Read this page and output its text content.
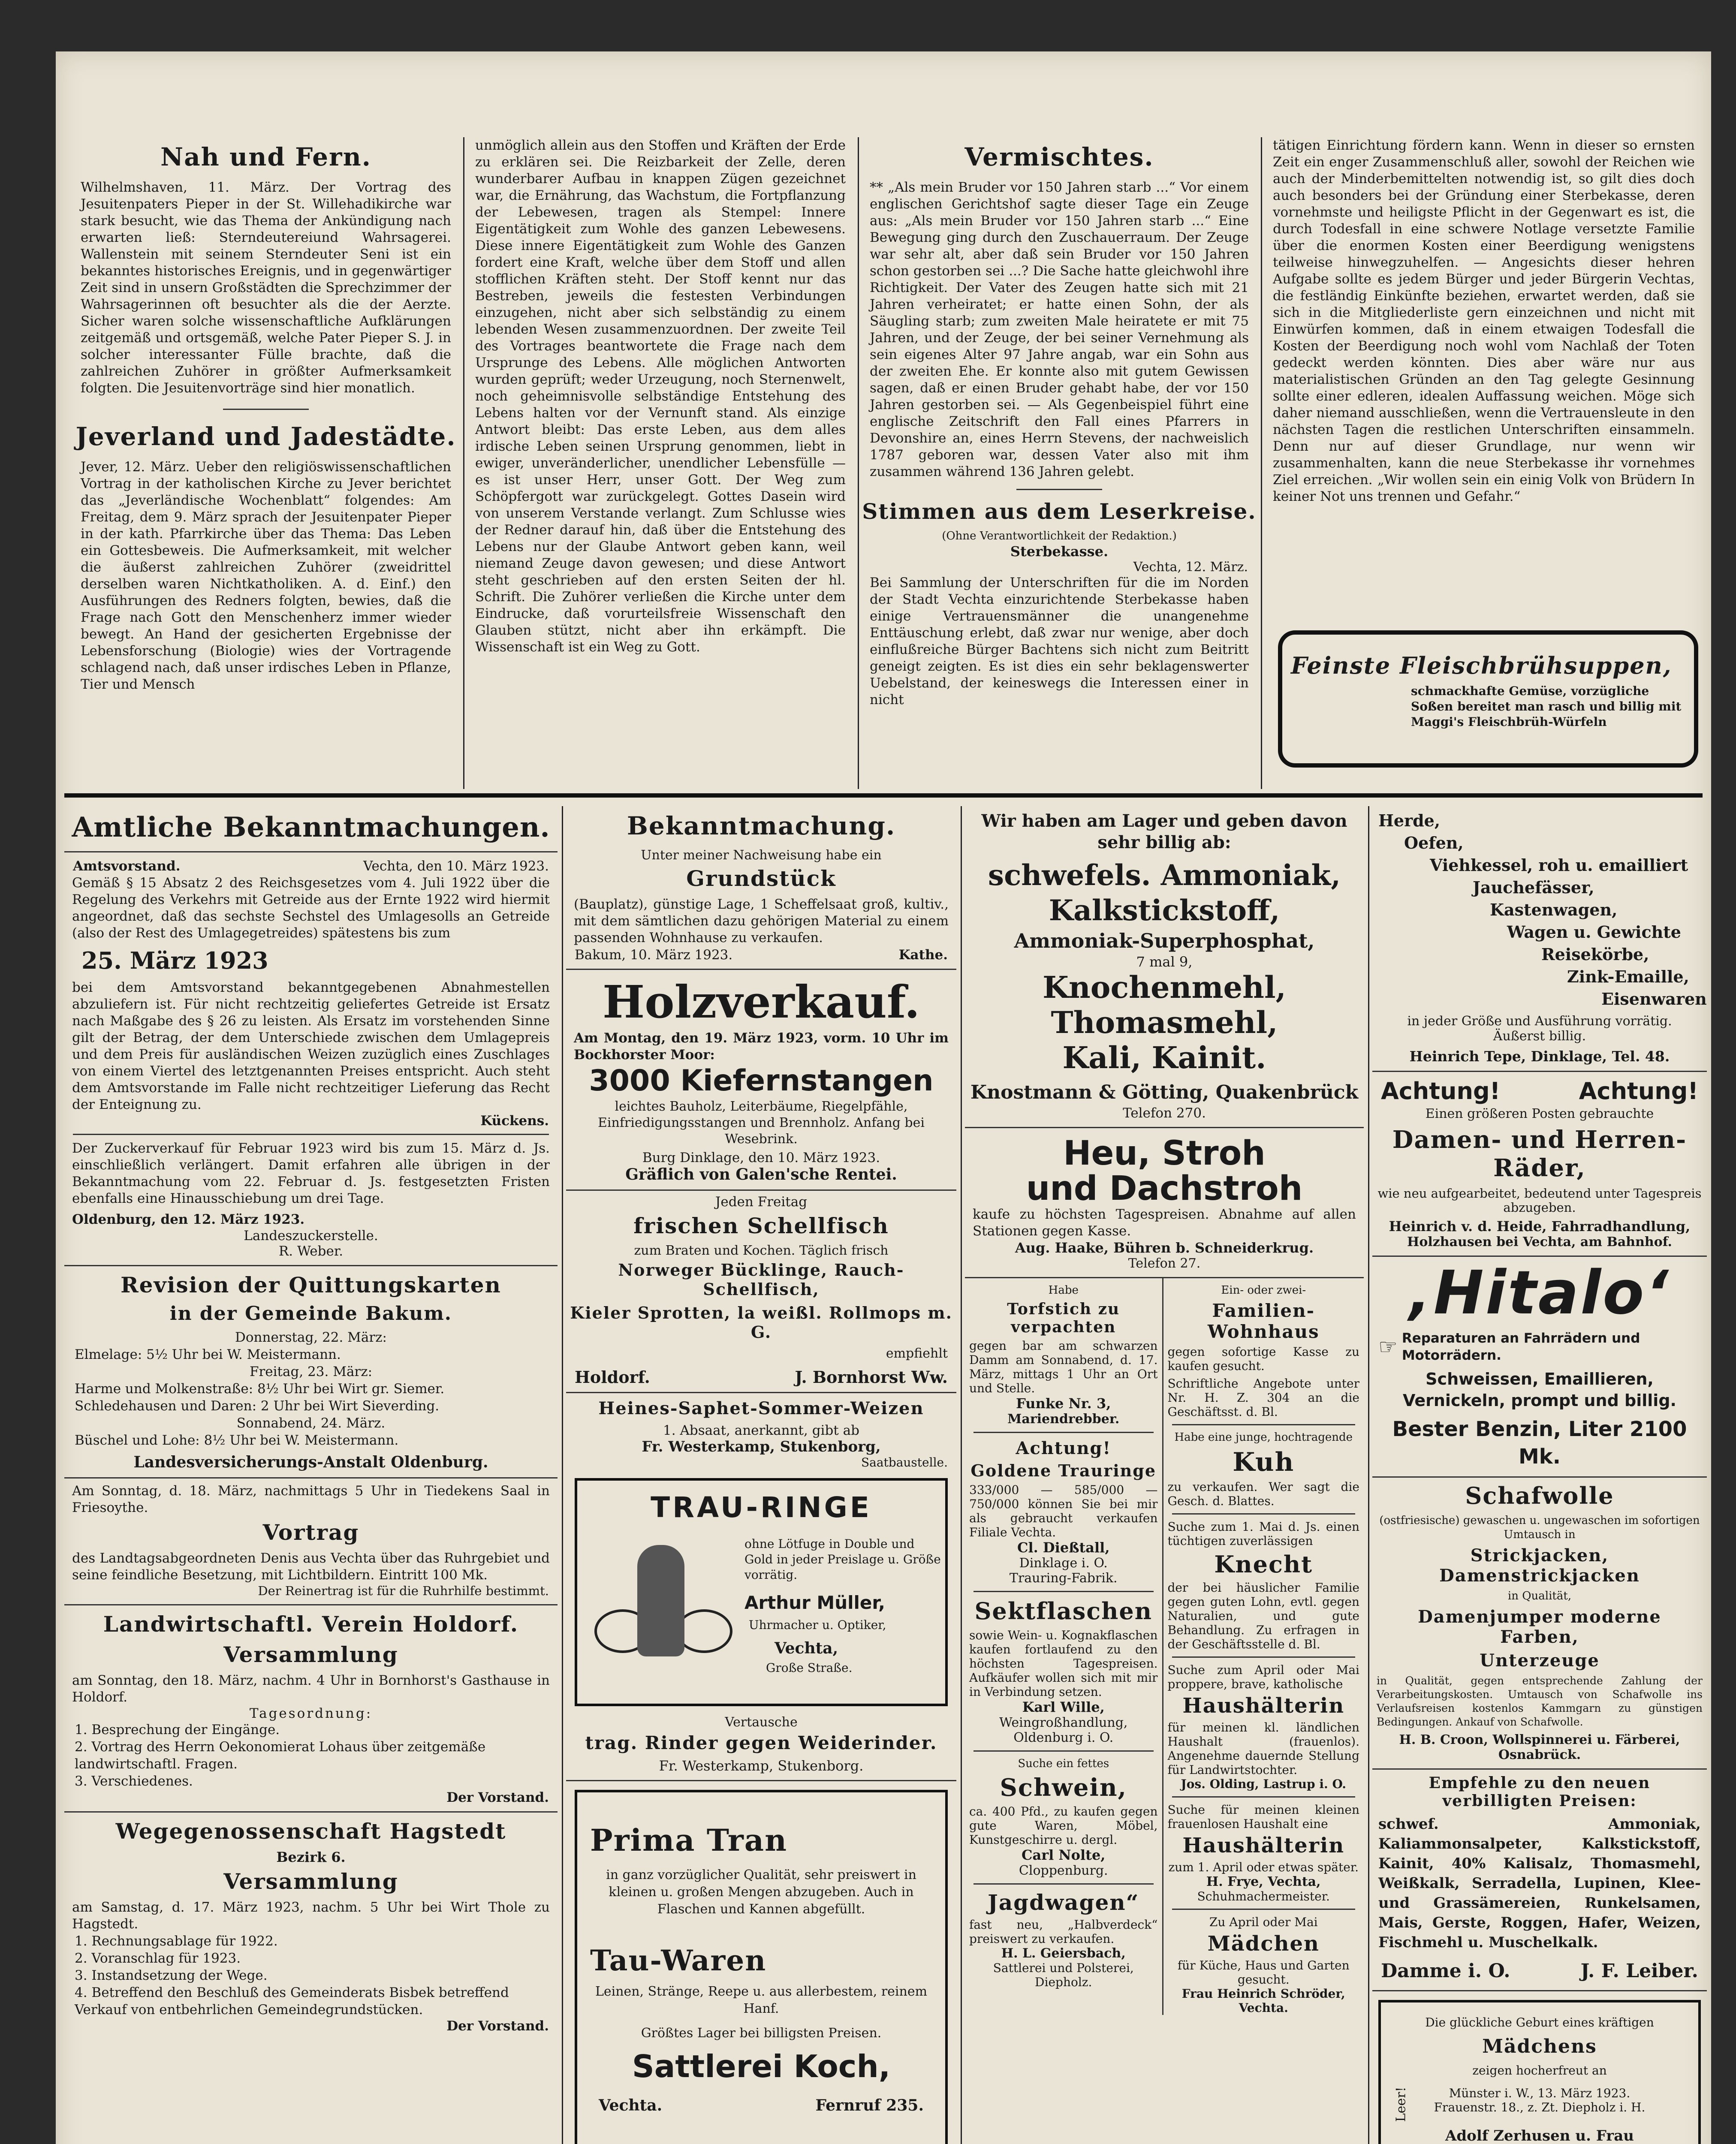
Nah und Fern.
Wilhelmshaven, 11. März. Der Vortrag des Jesuitenpaters Pieper in der St. Willehadikirche war stark besucht, wie das Thema der Ankündigung nach erwarten ließ: Sterndeutereiund Wahrsagerei. Wallenstein mit seinem Sterndeuter Seni ist ein bekanntes historisches Ereignis, und in gegenwärtiger Zeit sind in unsern Großstädten die Sprechzimmer der Wahrsagerinnen oft besuchter als die der Aerzte. Sicher waren solche wissenschaftliche Aufklärungen zeitgemäß und ortsgemäß, welche Pater Pieper S. J. in solcher interessanter Fülle brachte, daß die zahlreichen Zuhörer in größter Aufmerksamkeit folgten. Die Jesuitenvorträge sind hier monatlich.
Jeverland und Jadestädte.
Jever, 12. März. Ueber den religiöswissenschaftlichen Vortrag in der katholischen Kirche zu Jever berichtet das „Jeverländische Wochenblatt“ folgendes: Am Freitag, dem 9. März sprach der Jesuitenpater Pieper in der kath. Pfarrkirche über das Thema: Das Leben ein Gottesbeweis. Die Aufmerksamkeit, mit welcher die äußerst zahlreichen Zuhörer (zweidrittel derselben waren Nichtkatholiken. A. d. Einf.) den Ausführungen des Redners folgten, bewies, daß die Frage nach Gott den Menschenherz immer wieder bewegt. An Hand der gesicherten Ergebnisse der Lebensforschung (Biologie) wies der Vortragende schlagend nach, daß unser irdisches Leben in Pflanze, Tier und Mensch
unmöglich allein aus den Stoffen und Kräften der Erde zu erklären sei. Die Reizbarkeit der Zelle, deren wunderbarer Aufbau in knappen Zügen gezeichnet war, die Ernährung, das Wachstum, die Fortpflanzung der Lebewesen, tragen als Stempel: Innere Eigentätigkeit zum Wohle des ganzen Lebewesens. Diese innere Eigentätigkeit zum Wohle des Ganzen fordert eine Kraft, welche über dem Stoff und allen stofflichen Kräften steht. Der Stoff kennt nur das Bestreben, jeweils die festesten Verbindungen einzugehen, nicht aber sich selbständig zu einem lebenden Wesen zusammenzuordnen. Der zweite Teil des Vortrages beantwortete die Frage nach dem Ursprunge des Lebens. Alle möglichen Antworten wurden geprüft; weder Urzeugung, noch Sternenwelt, noch geheimnisvolle selbständige Entstehung des Lebens halten vor der Vernunft stand. Als einzige Antwort bleibt: Das erste Leben, aus dem alles irdische Leben seinen Ursprung genommen, liebt in ewiger, unveränderlicher, unendlicher Lebensfülle — es ist unser Herr, unser Gott. Der Weg zum Schöpfergott war zurückgelegt. Gottes Dasein wird von unserem Verstande verlangt. Zum Schlusse wies der Redner darauf hin, daß über die Entstehung des Lebens nur der Glaube Antwort geben kann, weil niemand Zeuge davon gewesen; und diese Antwort steht geschrieben auf den ersten Seiten der hl. Schrift. Die Zuhörer verließen die Kirche unter dem Eindrucke, daß vorurteilsfreie Wissenschaft den Glauben stützt, nicht aber ihn erkämpft. Die Wissenschaft ist ein Weg zu Gott.
Vermischtes.
** „Als mein Bruder vor 150 Jahren starb ...“ Vor einem englischen Gerichtshof sagte dieser Tage ein Zeuge aus: „Als mein Bruder vor 150 Jahren starb ...“ Eine Bewegung ging durch den Zuschauerraum. Der Zeuge war sehr alt, aber daß sein Bruder vor 150 Jahren schon gestorben sei ...? Die Sache hatte gleichwohl ihre Richtigkeit. Der Vater des Zeugen hatte sich mit 21 Jahren verheiratet; er hatte einen Sohn, der als Säugling starb; zum zweiten Male heiratete er mit 75 Jahren, und der Zeuge, der bei seiner Vernehmung als sein eigenes Alter 97 Jahre angab, war ein Sohn aus der zweiten Ehe. Er konnte also mit gutem Gewissen sagen, daß er einen Bruder gehabt habe, der vor 150 Jahren gestorben sei. — Als Gegenbeispiel führt eine englische Zeitschrift den Fall eines Pfarrers in Devonshire an, eines Herrn Stevens, der nachweislich 1787 geboren war, dessen Vater also mit ihm zusammen während 136 Jahren gelebt.
Stimmen aus dem Leserkreise.
(Ohne Verantwortlichkeit der Redaktion.)
Sterbekasse.
Vechta, 12. März.
Bei Sammlung der Unterschriften für die im Norden der Stadt Vechta einzurichtende Sterbekasse haben einige Vertrauensmänner die unangenehme Enttäuschung erlebt, daß zwar nur wenige, aber doch einflußreiche Bürger Bachtens sich nicht zum Beitritt geneigt zeigten. Es ist dies ein sehr beklagenswerter Uebelstand, der keineswegs die Interessen einer in nicht
tätigen Einrichtung fördern kann. Wenn in dieser so ernsten Zeit ein enger Zusammenschluß aller, sowohl der Reichen wie auch der Minderbemittelten notwendig ist, so gilt dies doch auch besonders bei der Gründung einer Sterbekasse, deren vornehmste und heiligste Pflicht in der Gegenwart es ist, die durch Todesfall in eine schwere Notlage versetzte Familie über die enormen Kosten einer Beerdigung wenigstens teilweise hinwegzuhelfen. — Angesichts dieser hehren Aufgabe sollte es jedem Bürger und jeder Bürgerin Vechtas, die festländig Einkünfte beziehen, erwartet werden, daß sie sich in die Mitgliederliste gern einzeichnen und nicht mit Einwürfen kommen, daß in einem etwaigen Todesfall die Kosten der Beerdigung noch wohl vom Nachlaß der Toten gedeckt werden könnten. Dies aber wäre nur aus materialistischen Gründen an den Tag gelegte Gesinnung sollte einer edleren, idealen Auffassung weichen. Möge sich daher niemand ausschließen, wenn die Vertrauensleute in den nächsten Tagen die restlichen Unterschriften einsammeln. Denn nur auf dieser Grundlage, nur wenn wir zusammenhalten, kann die neue Sterbekasse ihr vornehmes Ziel erreichen. „Wir wollen sein ein einig Volk von Brüdern In keiner Not uns trennen und Gefahr.“
Feinste Fleischbrühsuppen,
schmackhafte Gemüse, vorzügliche Soßen bereitet man rasch und billig mit Maggi's Fleischbrüh-Würfeln
Amtliche Bekanntmachungen.
Amtsvorstand.	Vechta, den 10. März 1923.
Gemäß § 15 Absatz 2 des Reichsgesetzes vom 4. Juli 1922 über die Regelung des Verkehrs mit Getreide aus der Ernte 1922 wird hiermit angeordnet, daß das sechste Sechstel des Umlagesolls an Getreide (also der Rest des Umlagegetreides) spätestens bis zum
25. März 1923
bei dem Amtsvorstand bekanntgegebenen Abnahmestellen abzuliefern ist. Für nicht rechtzeitig geliefertes Getreide ist Ersatz nach Maßgabe des § 26 zu leisten. Als Ersatz im vorstehenden Sinne gilt der Betrag, der dem Unterschiede zwischen dem Umlagepreis und dem Preis für ausländischen Weizen zuzüglich eines Zuschlages von einem Viertel des letztgenannten Preises entspricht. Auch steht dem Amtsvorstande im Falle nicht rechtzeitiger Lieferung das Recht der Enteignung zu.
Kückens.
Der Zuckerverkauf für Februar 1923 wird bis zum 15. März d. Js. einschließlich verlängert. Damit erfahren alle übrigen in der Bekanntmachung vom 22. Februar d. Js. festgesetzten Fristen ebenfalls eine Hinausschiebung um drei Tage.
Oldenburg, den 12. März 1923.
Landeszuckerstelle.
R. Weber.
Revision der Quittungskarten
in der Gemeinde Bakum.
Donnerstag, 22. März:
Elmelage: 5½ Uhr bei W. Meistermann.
Freitag, 23. März:
Harme und Molkenstraße: 8½ Uhr bei Wirt gr. Siemer.
Schledehausen und Daren: 2 Uhr bei Wirt Sieverding.
Sonnabend, 24. März.
Büschel und Lohe: 8½ Uhr bei W. Meistermann.
Landesversicherungs-Anstalt Oldenburg.
Am Sonntag, d. 18. März, nachmittags 5 Uhr in Tiedekens Saal in Friesoythe.
Vortrag
des Landtagsabgeordneten Denis aus Vechta über das Ruhrgebiet und seine feindliche Besetzung, mit Lichtbildern. Eintritt 100 Mk.
Der Reinertrag ist für die Ruhrhilfe bestimmt.
Landwirtschaftl. Verein Holdorf.
Versammlung
am Sonntag, den 18. März, nachm. 4 Uhr in Bornhorst's Gasthause in Holdorf.
Tagesordnung:
1. Besprechung der Eingänge.
2. Vortrag des Herrn Oekonomierat Lohaus über zeitgemäße landwirtschaftl. Fragen.
3. Verschiedenes.
Der Vorstand.
Wegegenossenschaft Hagstedt
Bezirk 6.
Versammlung
am Samstag, d. 17. März 1923, nachm. 5 Uhr bei Wirt Thole zu Hagstedt.
1. Rechnungsablage für 1922.
2. Voranschlag für 1923.
3. Instandsetzung der Wege.
4. Betreffend den Beschluß des Gemeinderats Bisbek betreffend Verkauf von entbehrlichen Gemeindegrundstücken.
Der Vorstand.
Bekanntmachung.
Unter meiner Nachweisung habe ein
Grundstück
(Bauplatz), günstige Lage, 1 Scheffelsaat groß, kultiv., mit dem sämtlichen dazu gehörigen Material zu einem passenden Wohnhause zu verkaufen.
Bakum, 10. März 1923.	Kathe.
Holzverkauf.
Am Montag, den 19. März 1923, vorm. 10 Uhr im Bockhorster Moor:
3000 Kiefernstangen
leichtes Bauholz, Leiterbäume, Riegelpfähle, Einfriedigungsstangen und Brennholz. Anfang bei Wesebrink.
Burg Dinklage, den 10. März 1923.
Gräflich von Galen'sche Rentei.
Jeden Freitag
frischen Schellfisch
zum Braten und Kochen. Täglich frisch
Norweger Bücklinge, Rauch-Schellfisch,
Kieler Sprotten, la weißl. Rollmops m. G.
empfiehlt
Holdorf.	J. Bornhorst Ww.
Heines-Saphet-Sommer-Weizen
1. Absaat, anerkannt, gibt ab
Fr. Westerkamp, Stukenborg,
Saatbaustelle.
TRAU-RINGE
ohne Lötfuge in Double und Gold in jeder Preislage u. Größe vorrätig.
Arthur Müller,
Uhrmacher u. Optiker,
Vechta,
Große Straße.
Vertausche
trag. Rinder gegen Weiderinder.
Fr. Westerkamp, Stukenborg.
Prima Tran
in ganz vorzüglicher Qualität, sehr preiswert in kleinen u. großen Mengen abzugeben. Auch in Flaschen und Kannen abgefüllt.
Tau-Waren
Leinen, Stränge, Reepe u. aus allerbestem, reinem Hanf.
Größtes Lager bei billigsten Preisen.
Sattlerei Koch,
Vechta.	Fernruf 235.
Wir haben am Lager und geben davon sehr billig ab:
schwefels. Ammoniak,
Kalkstickstoff,
Ammoniak-Superphosphat,
7 mal 9,
Knochenmehl,
Thomasmehl,
Kali, Kainit.
Knostmann & Götting, Quakenbrück
Telefon 270.
Heu, Stroh
und Dachstroh
kaufe zu höchsten Tagespreisen. Abnahme auf allen Stationen gegen Kasse.
Aug. Haake, Bühren b. Schneiderkrug.
Telefon 27.
Habe
Torfstich zu verpachten
gegen bar am schwarzen Damm am Sonnabend, d. 17. März, mittags 1 Uhr an Ort und Stelle.
Funke Nr. 3,
Mariendrebber.
Achtung!
Goldene Trauringe
333/000 — 585/000 — 750/000 können Sie bei mir als gebraucht verkaufen Filiale Vechta.
Cl. Dießtall,
Dinklage i. O.
Trauring-Fabrik.
Sektflaschen
sowie Wein- u. Kognakflaschen kaufen fortlaufend zu den höchsten Tagespreisen. Aufkäufer wollen sich mit mir in Verbindung setzen.
Karl Wille,
Weingroßhandlung,
Oldenburg i. O.
Suche ein fettes
Schwein,
ca. 400 Pfd., zu kaufen gegen gute Waren, Möbel, Kunstgeschirre u. dergl.
Carl Nolte,
Cloppenburg.
Jagdwagen“
fast neu, „Halbverdeck“ preiswert zu verkaufen.
H. L. Geiersbach,
Sattlerei und Polsterei,
Diepholz.
Ein- oder zwei-
Familien-Wohnhaus
gegen sofortige Kasse zu kaufen gesucht.
Schriftliche Angebote unter Nr. H. Z. 304 an die Geschäftsst. d. Bl.
Habe eine junge, hochtragende
Kuh
zu verkaufen. Wer sagt die Gesch. d. Blattes.
Suche zum 1. Mai d. Js. einen tüchtigen zuverlässigen
Knecht
der bei häuslicher Familie gegen guten Lohn, evtl. gegen Naturalien, und gute Behandlung. Zu erfragen in der Geschäftsstelle d. Bl.
Suche zum April oder Mai proppere, brave, katholische
Haushälterin
für meinen kl. ländlichen Haushalt (frauenlos). Angenehme dauernde Stellung für Landwirtstochter.
Jos. Olding, Lastrup i. O.
Suche für meinen kleinen frauenlosen Haushalt eine
Haushälterin
zum 1. April oder etwas später.
H. Frye, Vechta,
Schuhmachermeister.
Zu April oder Mai
Mädchen
für Küche, Haus und Garten gesucht.
Frau Heinrich Schröder,
Vechta.
Herde,
Oefen,
Viehkessel, roh u. emailliert
Jauchefässer,
Kastenwagen,
Wagen u. Gewichte
Reisekörbe,
Zink-Emaille,
Eisenwaren
in jeder Größe und Ausführung vorrätig.
Äußerst billig.
Heinrich Tepe, Dinklage, Tel. 48.
Achtung!	Achtung!
Einen größeren Posten gebrauchte
Damen- und Herren-Räder,
wie neu aufgearbeitet, bedeutend unter Tagespreis abzugeben.
Heinrich v. d. Heide, Fahrradhandlung,
Holzhausen bei Vechta, am Bahnhof.
‚Hitalo‘
☞ Reparaturen an Fahrrädern und Motorrädern.
Schweissen, Emaillieren, Vernickeln, prompt und billig.
Bester Benzin, Liter 2100 Mk.
Schafwolle
(ostfriesische) gewaschen u. ungewaschen im sofortigen Umtausch in
Strickjacken, Damenstrickjacken
in Qualität,
Damenjumper moderne Farben,
Unterzeuge
in Qualität, gegen entsprechende Zahlung der Verarbeitungskosten. Umtausch von Schafwolle ins Verlaufsreisen kostenlos Kammgarn zu günstigen Bedingungen. Ankauf von Schafwolle.
H. B. Croon, Wollspinnerei u. Färberei, Osnabrück.
Empfehle zu den neuen verbilligten Preisen:
schwef. Ammoniak, Kaliammonsalpeter, Kalkstickstoff, Kainit, 40% Kalisalz, Thomasmehl, Weißkalk, Serradella, Lupinen, Klee- und Grassämereien, Runkelsamen, Mais, Gerste, Roggen, Hafer, Weizen, Fischmehl u. Muschelkalk.
Damme i. O.	J. F. Leiber.
Leer!
Die glückliche Geburt eines kräftigen
Mädchens
zeigen hocherfreut an
Münster i. W., 13. März 1923.
Frauenstr. 18., z. Zt. Diepholz i. H.
Adolf Zerhusen u. Frau
